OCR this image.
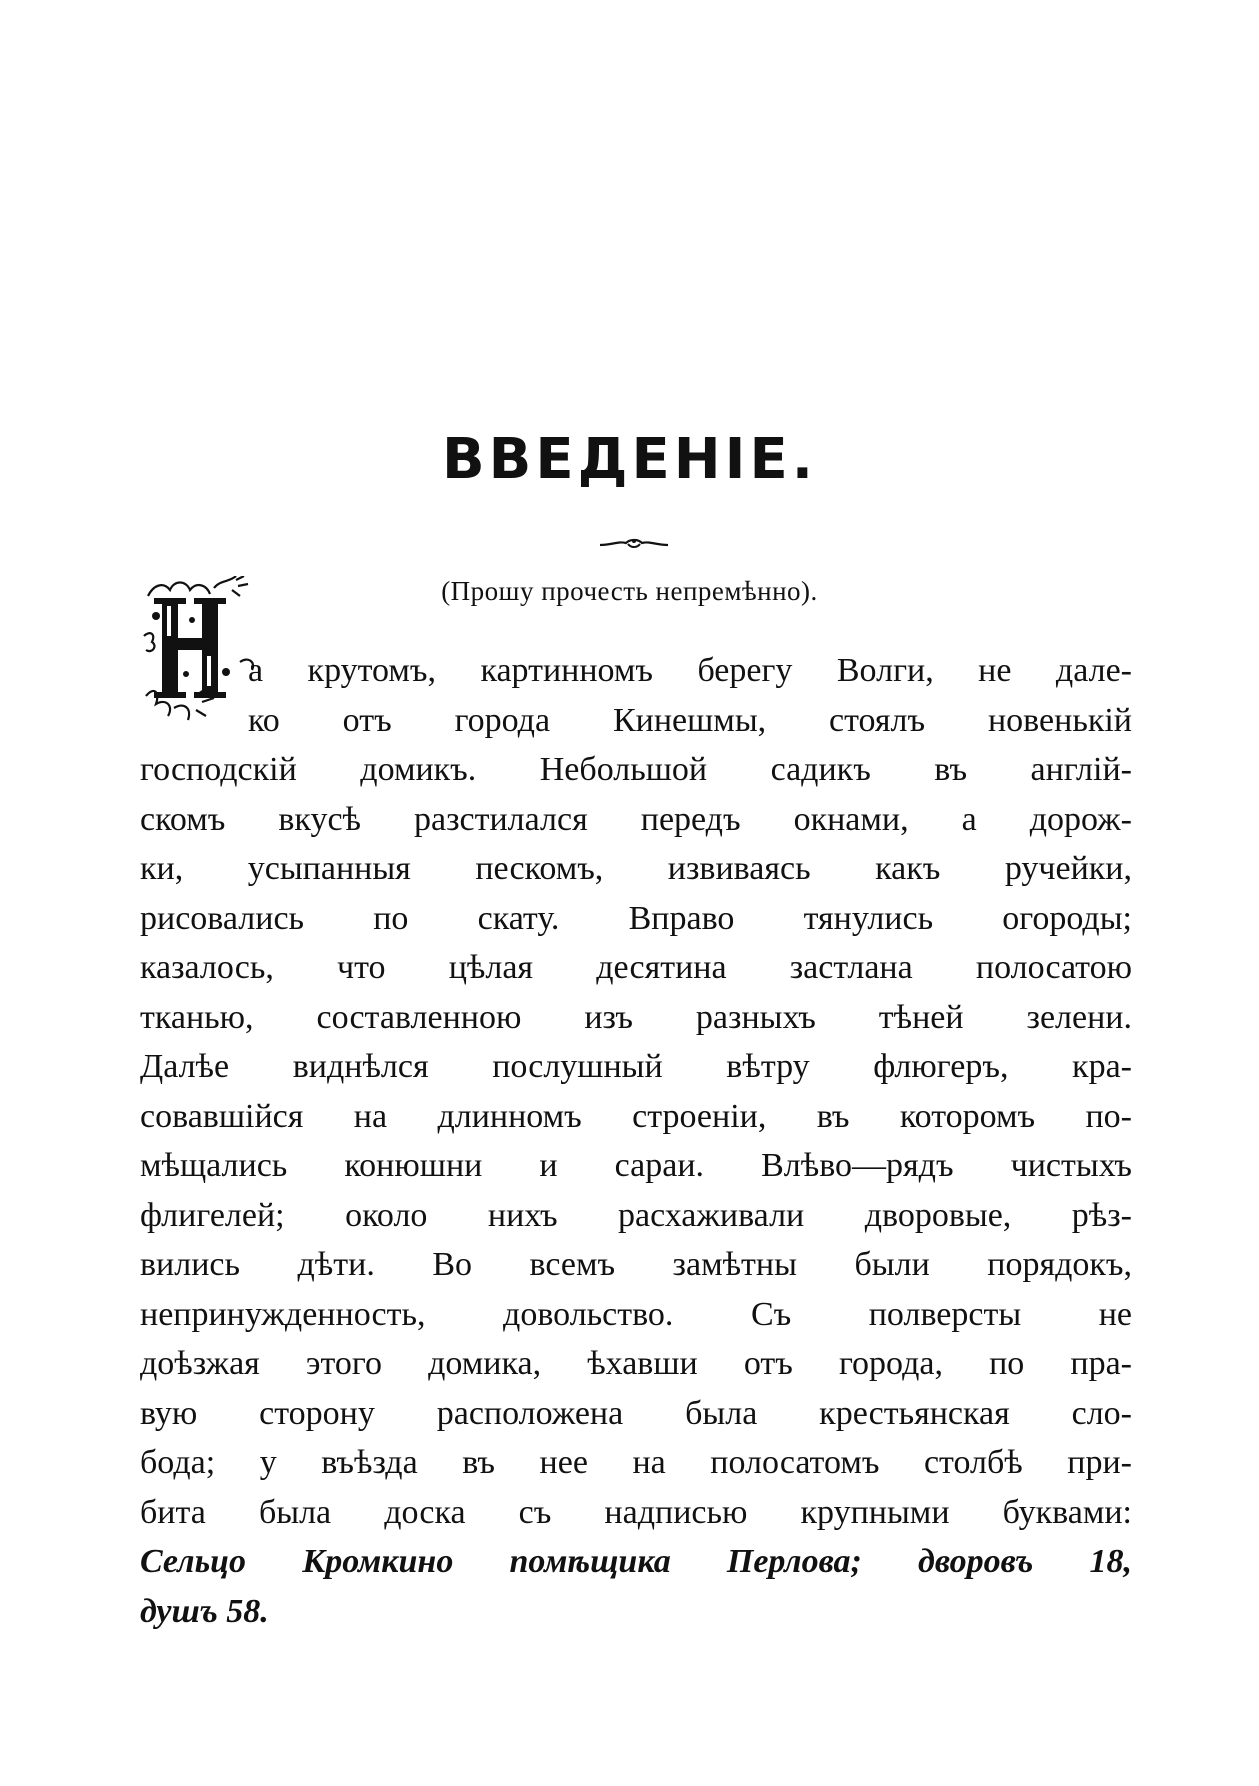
ВВЕДЕНIЕ.
(Прошу прочесть непремѣнно).
а крутомъ, картинномъ берегу Волги, не дале-
ко отъ города Кинешмы, стоялъ новенькiй
господскiй домикъ. Небольшой садикъ въ англiй-
скомъ вкусѣ разстилался передъ окнами, а дорож-
ки, усыпанныя пескомъ, извиваясь какъ ручейки,
рисовались по скату. Вправо тянулись огороды;
казалось, что цѣлая десятина застлана полосатою
тканью, составленною изъ разныхъ тѣней зелени.
Далѣе виднѣлся послушный вѣтру флюгеръ, кра-
совавшiйся на длинномъ строенiи, въ которомъ по-
мѣщались конюшни и сараи. Влѣво—рядъ чистыхъ
флигелей; около нихъ расхаживали дворовые, рѣз-
вились дѣти. Во всемъ замѣтны были порядокъ,
непринужденность, довольство. Съ полверсты не
доѣзжая этого домика, ѣхавши отъ города, по пра-
вую сторону расположена была крестьянская сло-
бода; у въѣзда въ нее на полосатомъ столбѣ при-
бита была доска съ надписью крупными буквами:
Сельцо Кромкино помѣщика Перлова; дворовъ 18,
душъ 58.
